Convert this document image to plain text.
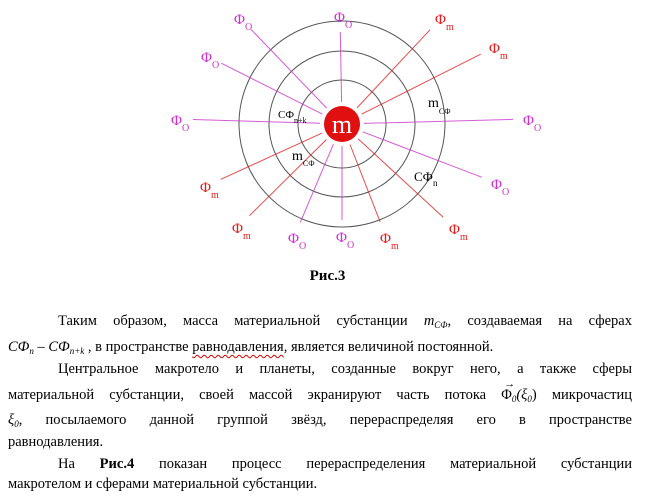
$\Phi_O$
$\Phi_O$	$\Phi_m$
$\Phi_m$
$\Phi_O$
$\Phi_O$
$\Phi_m$
$\Phi_m$
$\Phi_O$
$\Phi_O$
$\Phi_m$
$\Phi_m$
$\Phi_O$
$\Phi_O$
m
$СФ_{n+k}$
$m_{СФ}$
$m_{СФ}$
$СФ_n$
Рис.3
Таким образом, масса материальной субстанции $m_{СФ}$, создаваемая на сферах
$СФ_n - СФ_{n+k}$ , в пространстве равнодавления, является величиной постоянной.
Центральное макротело и планеты, созданные вокруг него, а также сферы
материальной субстанции, своей массой экранируют часть потока
→
$\Phi_0(\xi_0)$ микрочастиц
$\xi_0$ , посылаемого данной группой звёзд, перераспределяя его в пространстве
равнодавления.
На Рис.4 показан процесс перераспределения материальной субстанции
макротелом и сферами материальной субстанции.
